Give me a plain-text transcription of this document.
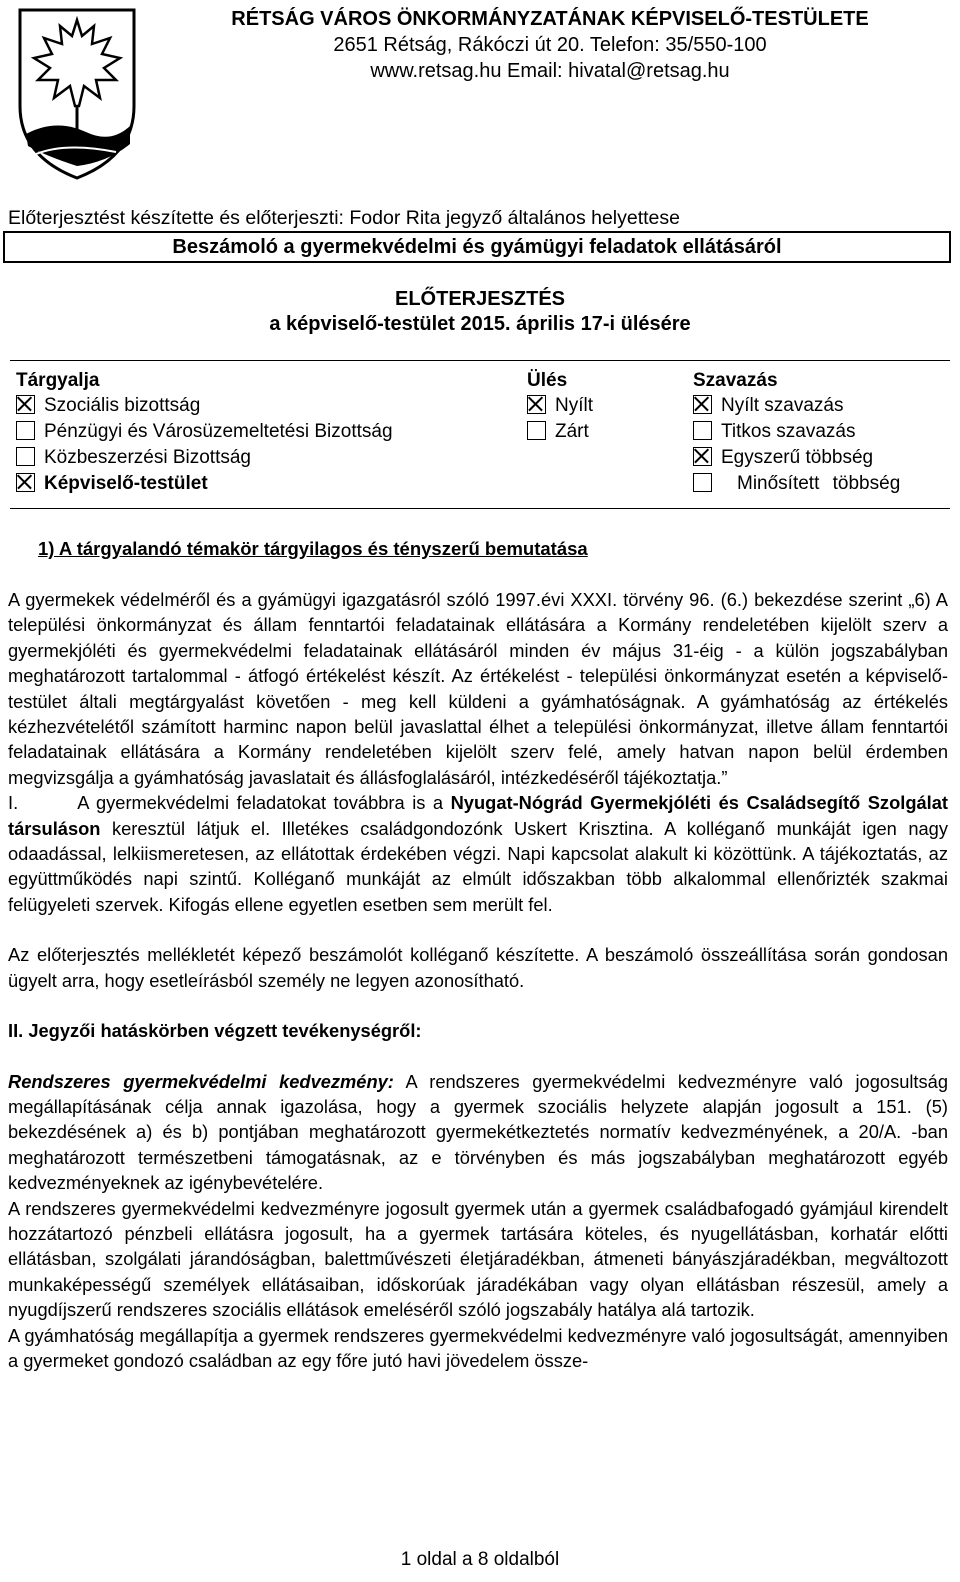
RÉTSÁG VÁROS ÖNKORMÁNYZATÁNAK KÉPVISELŐ-TESTÜLETE
2651 Rétság, Rákóczi út 20. Telefon: 35/550-100
www.retsag.hu Email: hivatal@retsag.hu
Előterjesztést készítette és előterjeszti: Fodor Rita jegyző általános helyettese
Beszámoló a gyermekvédelmi és gyámügyi feladatok ellátásáról
ELŐTERJESZTÉS
a képviselő-testület 2015. április 17-i ülésére
Tárgyalja	Ülés	Szavazás
Szociális bizottság
Pénzügyi és Városüzemeltetési Bizottság
Közbeszerzési Bizottság
Képviselő-testület
Nyílt
Zárt
Nyílt szavazás
Titkos szavazás
Egyszerű többség
Minősített többség
1) A tárgyalandó témakör tárgyilagos és tényszerű bemutatása

A gyermekek védelméről és a gyámügyi igazgatásról szóló 1997.évi XXXI. törvény 96. (6.) bekezdése szerint „6) A települési önkormányzat és állam fenntartói feladatainak ellátására a Kormány rendeletében kijelölt szerv a gyermekjóléti és gyermekvédelmi feladatainak ellátásáról minden év május 31-éig - a külön jogszabályban meghatározott tartalommal - átfogó értékelést készít. Az értékelést - települési önkormányzat esetén a képviselő-testület általi megtárgyalást követően - meg kell küldeni a gyámhatóságnak. A gyámhatóság az értékelés kézhezvételétől számított harminc napon belül javaslattal élhet a települési önkormányzat, illetve állam fenntartói feladatainak ellátására a Kormány rendeletében kijelölt szerv felé, amely hatvan napon belül érdemben megvizsgálja a gyámhatóság javaslatait és állásfoglalásáról, intézkedéséről tájékoztatja.”

I.        A gyermekvédelmi feladatokat továbbra is a Nyugat-Nógrád Gyermekjóléti és Családsegítő Szolgálat társuláson keresztül látjuk el. Illetékes családgondozónk Uskert Krisztina. A kolléganő munkáját igen nagy odaadással, lelkiismeretesen, az ellátottak érdekében végzi. Napi kapcsolat alakult ki közöttünk. A tájékoztatás, az együttműködés napi szintű. Kolléganő munkáját az elmúlt időszakban több alkalommal ellenőrizték szakmai felügyeleti szervek. Kifogás ellene egyetlen esetben sem merült fel.

Az előterjesztés mellékletét képező beszámolót kolléganő készítette. A beszámoló összeállítása során gondosan ügyelt arra, hogy esetleírásból személy ne legyen azonosítható.

II. Jegyzői hatáskörben végzett tevékenységről:

Rendszeres gyermekvédelmi kedvezmény: A rendszeres gyermekvédelmi kedvezményre való jogosultság megállapításának célja annak igazolása, hogy a gyermek szociális helyzete alapján jogosult a 151. (5) bekezdésének a) és b) pontjában meghatározott gyermekétkeztetés normatív kedvezményének, a 20/A. -ban meghatározott természetbeni támogatásnak, az e törvényben és más jogszabályban meghatározott egyéb kedvezményeknek az igénybevételére.

A rendszeres gyermekvédelmi kedvezményre jogosult gyermek után a gyermek családbafogadó gyámjául kirendelt hozzátartozó pénzbeli ellátásra jogosult, ha a gyermek tartására köteles, és nyugellátásban, korhatár előtti ellátásban, szolgálati járandóságban, balettművészeti életjáradékban, átmeneti bányászjáradékban, megváltozott munkaképességű személyek ellátásaiban, időskorúak járadékában vagy olyan ellátásban részesül, amely a nyugdíjszerű rendszeres szociális ellátások emeléséről szóló jogszabály hatálya alá tartozik.

A gyámhatóság megállapítja a gyermek rendszeres gyermekvédelmi kedvezményre való jogosultságát, amennyiben a gyermeket gondozó családban az egy főre jutó havi jövedelem össze-

1 oldal a 8 oldalból
